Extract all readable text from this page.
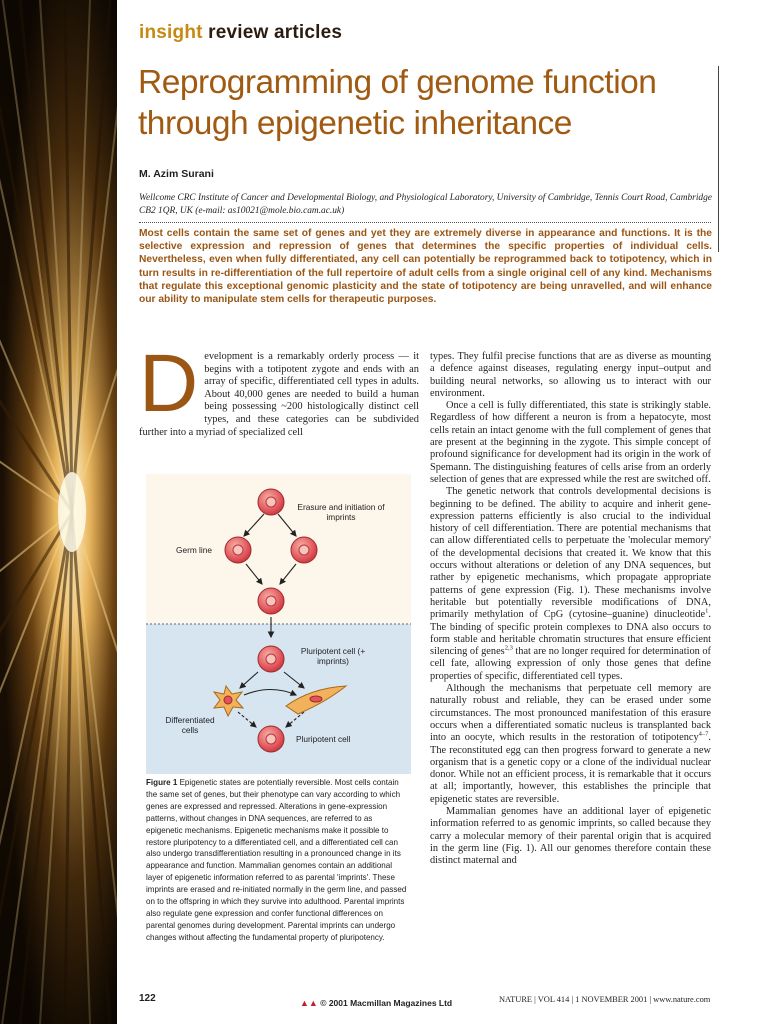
insight review articles
Reprogramming of genome function through epigenetic inheritance
M. Azim Surani
Wellcome CRC Institute of Cancer and Developmental Biology, and Physiological Laboratory, University of Cambridge, Tennis Court Road, Cambridge CB2 1QR, UK (e-mail: as10021@mole.bio.cam.ac.uk)
Most cells contain the same set of genes and yet they are extremely diverse in appearance and functions. It is the selective expression and repression of genes that determines the specific properties of individual cells. Nevertheless, even when fully differentiated, any cell can potentially be reprogrammed back to totipotency, which in turn results in re-differentiation of the full repertoire of adult cells from a single original cell of any kind. Mechanisms that regulate this exceptional genomic plasticity and the state of totipotency are being unravelled, and will enhance our ability to manipulate stem cells for therapeutic purposes.
Development is a remarkably orderly process — it begins with a totipotent zygote and ends with an array of specific, differentiated cell types in adults. About 40,000 genes are needed to build a human being possessing ~200 histologically distinct cell types, and these categories can be subdivided further into a myriad of specialized cell
Erasure and initiation of imprints
Germ line
Pluripotent cell (+ imprints)
Differentiated cells
Pluripotent cell
Figure 1 Epigenetic states are potentially reversible. Most cells contain the same set of genes, but their phenotype can vary according to which genes are expressed and repressed. Alterations in gene-expression patterns, without changes in DNA sequences, are referred to as epigenetic mechanisms. Epigenetic mechanisms make it possible to restore pluripotency to a differentiated cell, and a differentiated cell can also undergo transdifferentiation resulting in a pronounced change in its appearance and function. Mammalian genomes contain an additional layer of epigenetic information referred to as parental 'imprints'. These imprints are erased and re-initiated normally in the germ line, and passed on to the offspring in which they survive into adulthood. Parental imprints also regulate gene expression and confer functional differences on parental genomes during development. Parental imprints can undergo changes without affecting the fundamental property of pluripotency.

types. They fulfil precise functions that are as diverse as mounting a defence against diseases, regulating energy input–output and building neural networks, so allowing us to interact with our environment.

Once a cell is fully differentiated, this state is strikingly stable. Regardless of how different a neuron is from a hepatocyte, most cells retain an intact genome with the full complement of genes that are present at the beginning in the zygote. This simple concept of profound significance for development had its origin in the work of Spemann. The distinguishing features of cells arise from an orderly selection of genes that are expressed while the rest are switched off.

The genetic network that controls developmental decisions is beginning to be defined. The ability to acquire and inherit gene-expression patterns efficiently is also crucial to the individual history of cell differentiation. There are potential mechanisms that can allow differentiated cells to perpetuate the 'molecular memory' of the developmental decisions that created it. We know that this occurs without alterations or deletion of any DNA sequences, but rather by epigenetic mechanisms, which propagate appropriate patterns of gene expression (Fig. 1). These mechanisms involve heritable but potentially reversible modifications of DNA, primarily methylation of CpG (cytosine–guanine) dinucleotide$^1$. The binding of specific protein complexes to DNA also occurs to form stable and heritable chromatin structures that ensure efficient silencing of genes$^{2,3}$ that are no longer required for determination of cell fate, allowing expression of only those genes that define properties of specific, differentiated cell types.

Although the mechanisms that perpetuate cell memory are naturally robust and reliable, they can be erased under some circumstances. The most pronounced manifestation of this erasure occurs when a differentiated somatic nucleus is transplanted back into an oocyte, which results in the restoration of totipotency$^{4-7}$. The reconstituted egg can then progress forward to generate a new organism that is a genetic copy or a clone of the individual nuclear donor. While not an efficient process, it is remarkable that it occurs at all; importantly, however, this establishes the principle that epigenetic states are reversible.

Mammalian genomes have an additional layer of epigenetic information referred to as genomic imprints, so called because they carry a molecular memory of their parental origin that is acquired in the germ line (Fig. 1). All our genomes therefore contain these distinct maternal and

122	▲▲ © 2001 Macmillan Magazines Ltd	NATURE | VOL 414 | 1 NOVEMBER 2001 | www.nature.com
